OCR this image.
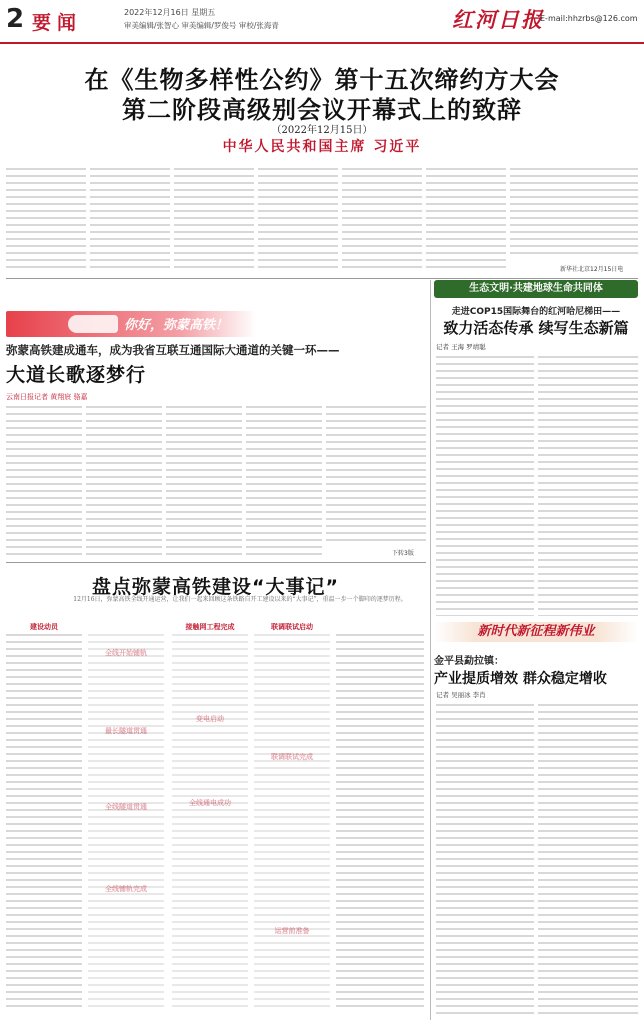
2 要闻	2022年12月16日 星期五
审美编辑/张智心 审美编辑/罗俊号 审校/张海青	红河日报
E-mail:hhzrbs@126.com
在《生物多样性公约》第十五次缔约方大会
第二阶段高级别会议开幕式上的致辞
（2022年12月15日）
中华人民共和国主席 习近平
新华社北京12月15日电
你好，弥蒙高铁！
弥蒙高铁建成通车，成为我省互联互通国际大通道的关键一环——
大道长歌逐梦行
云南日报记者 黄翔宸 骆嘉
下转3版
盘点弥蒙高铁建设“大事记”
12月16日，弥蒙高铁全线开通运营，让我们一起来回顾这条铁路自开工建设以来的“大事记”，重温一步一个脚印的逐梦历程。
建设动员	接触网工程完成	联调联试启动
生态文明·共建地球生命共同体
走进COP15国际舞台的红河哈尼梯田——
致力活态传承 续写生态新篇
记者 王海 罗靖聪
新时代新征程新伟业
金平县勐拉镇：
产业提质增效 群众稳定增收
记者 吴丽冰 李肖
